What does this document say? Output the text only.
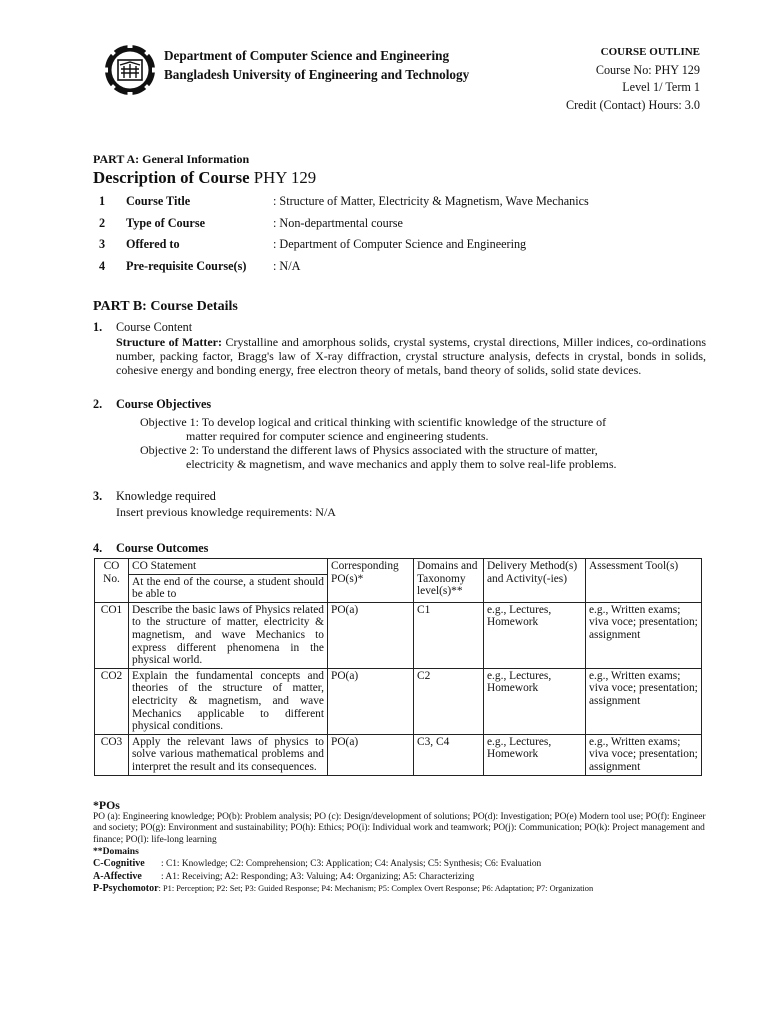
Department of Computer Science and Engineering
Bangladesh University of Engineering and Technology
COURSE OUTLINE
Course No: PHY 129
Level 1/ Term 1
Credit (Contact) Hours: 3.0
PART A: General Information
Description of Course PHY 129
1	Course Title	: Structure of Matter, Electricity & Magnetism, Wave Mechanics
2	Type of Course	: Non-departmental course
3	Offered to	: Department of Computer Science and Engineering
4	Pre-requisite Course(s)	: N/A
PART B: Course Details
1. Course Content
Structure of Matter: Crystalline and amorphous solids, crystal systems, crystal directions, Miller indices, co-ordinations number, packing factor, Bragg's law of X-ray diffraction, crystal structure analysis, defects in crystal, bonds in solids, cohesive energy and bonding energy, free electron theory of metals, band theory of solids, solid state devices.
2. Course Objectives
Objective 1: To develop logical and critical thinking with scientific knowledge of the structure of
matter required for computer science and engineering students.
Objective 2: To understand the different laws of Physics associated with the structure of matter,
electricity & magnetism, and wave mechanics and apply them to solve real-life problems.
3. Knowledge required
Insert previous knowledge requirements: N/A
4. Course Outcomes
CO No.	CO Statement	Corresponding PO(s)*	Domains and Taxonomy level(s)**	Delivery Method(s) and Activity(-ies)	Assessment Tool(s)
	At the end of the course, a student should be able to				
CO1	Describe the basic laws of Physics related to the structure of matter, electricity & magnetism, and wave Mechanics to express different phenomena in the physical world.	PO(a)	C1	e.g., Lectures, Homework	e.g., Written exams; viva voce; presentation; assignment
CO2	Explain the fundamental concepts and theories of the structure of matter, electricity & magnetism, and wave Mechanics applicable to different physical conditions.	PO(a)	C2	e.g., Lectures, Homework	e.g., Written exams; viva voce; presentation; assignment
CO3	Apply the relevant laws of physics to solve various mathematical problems and interpret the result and its consequences.	PO(a)	C3, C4	e.g., Lectures, Homework	e.g., Written exams; viva voce; presentation; assignment
*POs
PO (a): Engineering knowledge; PO(b): Problem analysis; PO (c): Design/development of solutions; PO(d): Investigation; PO(e) Modern tool use; PO(f): Engineer and society; PO(g): Environment and sustainability; PO(h): Ethics; PO(i): Individual work and teamwork; PO(j): Communication; PO(k): Project management and finance; PO(l): life-long learning
**Domains
C-Cognitive : C1: Knowledge; C2: Comprehension; C3: Application; C4: Analysis; C5: Synthesis; C6: Evaluation
A-Affective : A1: Receiving; A2: Responding; A3: Valuing; A4: Organizing; A5: Characterizing
P-Psychomotor: P1: Perception; P2: Set; P3: Guided Response; P4: Mechanism; P5: Complex Overt Response; P6: Adaptation; P7: Organization
